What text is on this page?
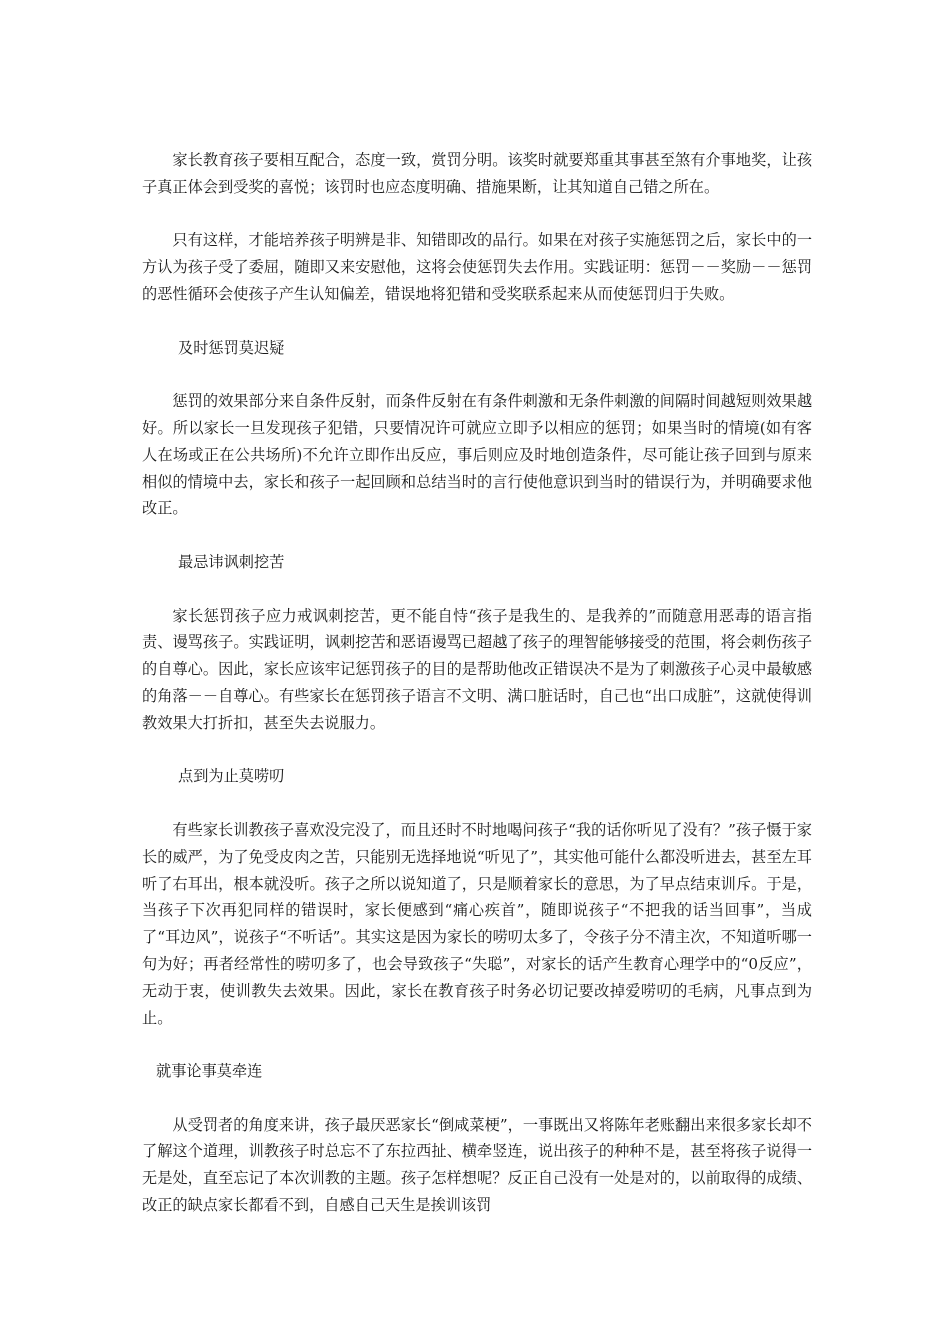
家长教育孩子要相互配合，态度一致，赏罚分明。该奖时就要郑重其事甚至煞有介事地奖，让孩子真正体会到受奖的喜悦；该罚时也应态度明确、措施果断，让其知道自己错之所在。

只有这样，才能培养孩子明辨是非、知错即改的品行。如果在对孩子实施惩罚之后，家长中的一方认为孩子受了委屈，随即又来安慰他，这将会使惩罚失去作用。实践证明：惩罚－－奖励－－惩罚的恶性循环会使孩子产生认知偏差，错误地将犯错和受奖联系起来从而使惩罚归于失败。

及时惩罚莫迟疑

惩罚的效果部分来自条件反射，而条件反射在有条件刺激和无条件刺激的间隔时间越短则效果越好。所以家长一旦发现孩子犯错，只要情况许可就应立即予以相应的惩罚；如果当时的情境(如有客人在场或正在公共场所)不允许立即作出反应，事后则应及时地创造条件，尽可能让孩子回到与原来相似的情境中去，家长和孩子一起回顾和总结当时的言行使他意识到当时的错误行为，并明确要求他改正。

最忌讳讽刺挖苦

家长惩罚孩子应力戒讽刺挖苦，更不能自恃“孩子是我生的、是我养的”而随意用恶毒的语言指责、谩骂孩子。实践证明，讽刺挖苦和恶语谩骂已超越了孩子的理智能够接受的范围，将会刺伤孩子的自尊心。因此，家长应该牢记惩罚孩子的目的是帮助他改正错误决不是为了刺激孩子心灵中最敏感的角落－－自尊心。有些家长在惩罚孩子语言不文明、满口脏话时，自己也“出口成脏”，这就使得训教效果大打折扣，甚至失去说服力。

点到为止莫唠叨

有些家长训教孩子喜欢没完没了，而且还时不时地喝问孩子“我的话你听见了没有？”孩子慑于家长的威严，为了免受皮肉之苦，只能别无选择地说“听见了”，其实他可能什么都没听进去，甚至左耳听了右耳出，根本就没听。孩子之所以说知道了，只是顺着家长的意思，为了早点结束训斥。于是，当孩子下次再犯同样的错误时，家长便感到“痛心疾首”，随即说孩子“不把我的话当回事”，当成了“耳边风”，说孩子“不听话”。其实这是因为家长的唠叨太多了，令孩子分不清主次，不知道听哪一句为好；再者经常性的唠叨多了，也会导致孩子“失聪”，对家长的话产生教育心理学中的“0反应”，无动于衷，使训教失去效果。因此，家长在教育孩子时务必切记要改掉爱唠叨的毛病，凡事点到为止。

就事论事莫牵连

从受罚者的角度来讲，孩子最厌恶家长“倒咸菜梗”，一事既出又将陈年老账翻出来很多家长却不了解这个道理，训教孩子时总忘不了东拉西扯、横牵竖连，说出孩子的种种不是，甚至将孩子说得一无是处，直至忘记了本次训教的主题。孩子怎样想呢？反正自己没有一处是对的，以前取得的成绩、改正的缺点家长都看不到，自感自己天生是挨训该罚
